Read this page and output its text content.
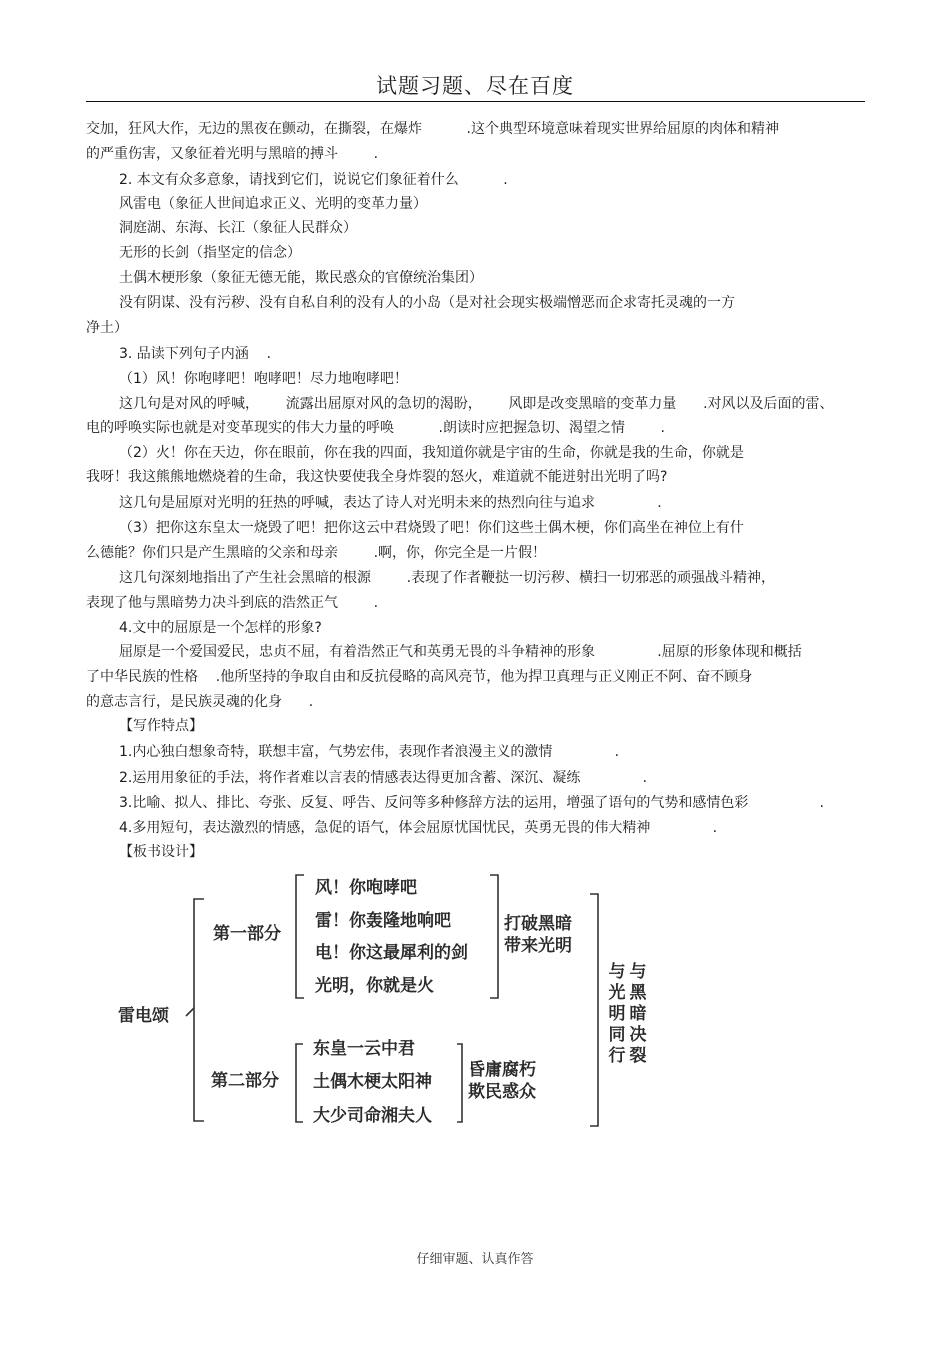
试题习题、尽在百度
交加，狂风大作，无边的黑夜在颤动，在撕裂，在爆炸          .这个典型环境意味着现实世界给屈原的肉体和精神
的严重伤害，又象征着光明与黑暗的搏斗        .
2. 本文有众多意象，请找到它们，说说它们象征着什么          .
风雷电（象征人世间追求正义、光明的变革力量）
洞庭湖、东海、长江（象征人民群众）
无形的长剑（指坚定的信念）
土偶木梗形象（象征无德无能，欺民惑众的官僚统治集团）
没有阴谋、没有污秽、没有自私自利的没有人的小岛（是对社会现实极端憎恶而企求寄托灵魂的一方
净土）
3. 品读下列句子内涵    .
（1）风！你咆哮吧！咆哮吧！尽力地咆哮吧！
这几句是对风的呼喊，      流露出屈原对风的急切的渴盼，      风即是改变黑暗的变革力量      .对风以及后面的雷、
电的呼唤实际也就是对变革现实的伟大力量的呼唤          .朗读时应把握急切、渴望之情        .
（2）火！你在天边，你在眼前，你在我的四面，我知道你就是宇宙的生命，你就是我的生命，你就是
我呀！我这熊熊地燃烧着的生命，我这快要使我全身炸裂的怒火，难道就不能迸射出光明了吗?
这几句是屈原对光明的狂热的呼喊，表达了诗人对光明未来的热烈向往与追求              .
（3）把你这东皇太一烧毁了吧！把你这云中君烧毁了吧！你们这些土偶木梗，你们高坐在神位上有什
么德能？你们只是产生黑暗的父亲和母亲        .啊，你，你完全是一片假！
这几句深刻地指出了产生社会黑暗的根源        .表现了作者鞭挞一切污秽、横扫一切邪恶的顽强战斗精神，
表现了他与黑暗势力决斗到底的浩然正气        .
4.文中的屈原是一个怎样的形象?
屈原是一个爱国爱民，忠贞不屈，有着浩然正气和英勇无畏的斗争精神的形象              .屈原的形象体现和概括
了中华民族的性格    .他所坚持的争取自由和反抗侵略的高风亮节，他为捍卫真理与正义刚正不阿、奋不顾身
的意志言行，是民族灵魂的化身      .
【写作特点】
1.内心独白想象奇特，联想丰富，气势宏伟，表现作者浪漫主义的激情              .
2.运用用象征的手法，将作者难以言表的情感表达得更加含蓄、深沉、凝练              .
3.比喻、拟人、排比、夸张、反复、呼告、反问等多种修辞方法的运用，增强了语句的气势和感情色彩                .
4.多用短句，表达激烈的情感，急促的语气，体会屈原忧国忧民，英勇无畏的伟大精神              .
【板书设计】
雷电颂
第一部分
风！你咆哮吧
雷！你轰隆地响吧
电！你这最犀利的剑
光明，你就是火
打破黑暗
带来光明
第二部分
东皇一云中君
土偶木梗太阳神
大少司命湘夫人
昏庸腐朽
欺民惑众
与光明同行
与黑暗决裂
仔细审题、认真作答
